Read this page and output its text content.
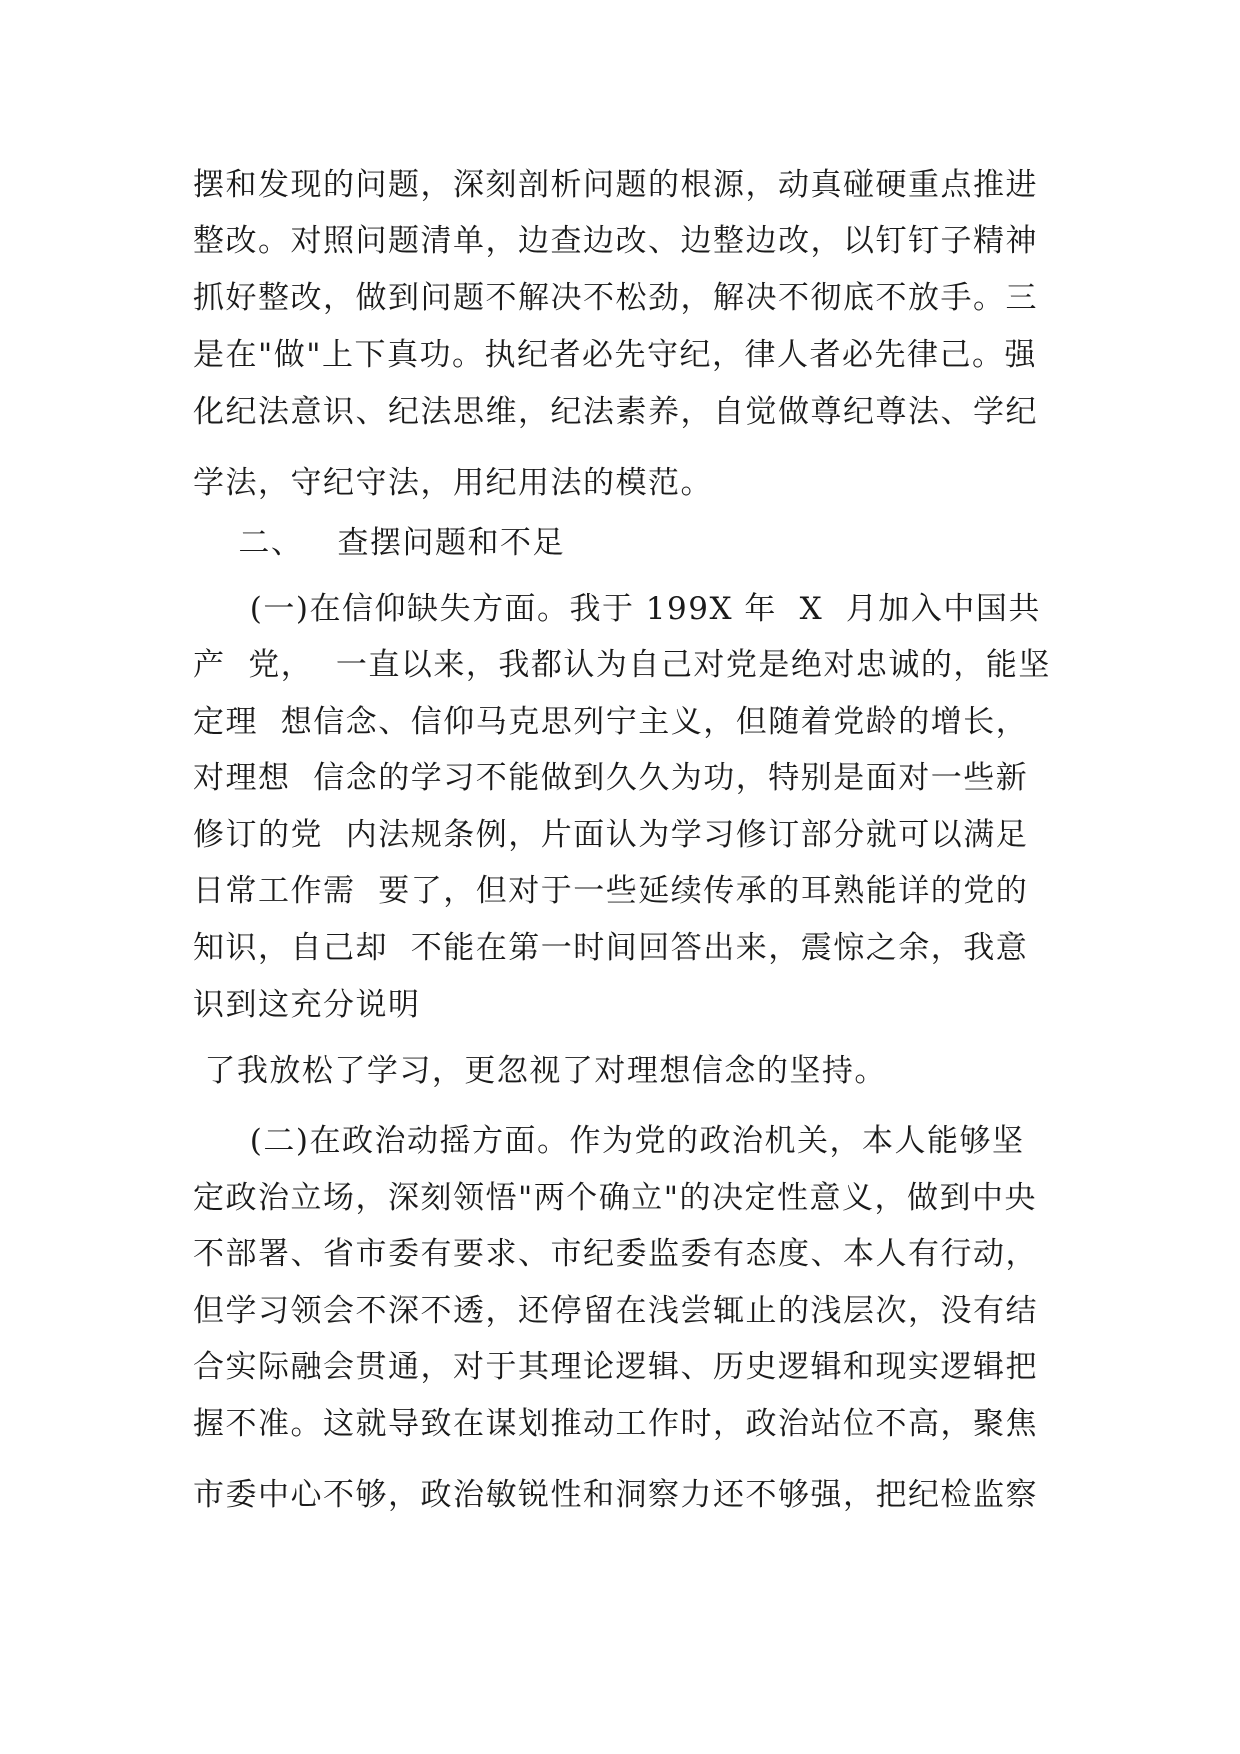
摆和发现的问题，深刻剖析问题的根源，动真碰硬重点推进
整改。对照问题清单，边查边改、边整边改，以钉钉子精神
抓好整改，做到问题不解决不松劲，解决不彻底不放手。三
是在"做"上下真功。执纪者必先守纪，律人者必先律己。强
化纪法意识、纪法思维，纪法素养，自觉做尊纪尊法、学纪
学法，守纪守法，用纪用法的模范。
二、   查摆问题和不足
(一)在信仰缺失方面。我于 199X 年  X  月加入中国共
产  党，  一直以来，我都认为自己对党是绝对忠诚的，能坚
定理  想信念、信仰马克思列宁主义，但随着党龄的增长，
对理想  信念的学习不能做到久久为功，特别是面对一些新
修订的党  内法规条例，片面认为学习修订部分就可以满足
日常工作需  要了，但对于一些延续传承的耳熟能详的党的
知识，自己却  不能在第一时间回答出来，震惊之余，我意
识到这充分说明
了我放松了学习，更忽视了对理想信念的坚持。
(二)在政治动摇方面。作为党的政治机关，本人能够坚
定政治立场，深刻领悟"两个确立"的决定性意义，做到中央
不部署、省市委有要求、市纪委监委有态度、本人有行动，
但学习领会不深不透，还停留在浅尝辄止的浅层次，没有结
合实际融会贯通，对于其理论逻辑、历史逻辑和现实逻辑把
握不准。这就导致在谋划推动工作时，政治站位不高，聚焦
市委中心不够，政治敏锐性和洞察力还不够强，把纪检监察
